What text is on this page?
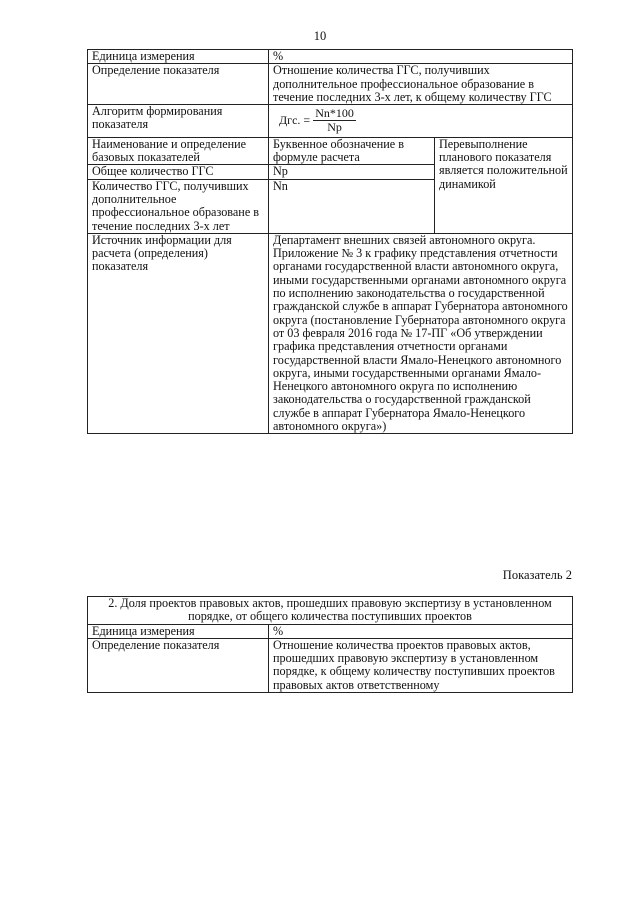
10
Единица измерения	%	
Определение показателя	Отношение количества ГГС, получивших дополнительное профессиональное образование в течение последних 3-х лет, к общему количеству ГГС	
Алгоритм формирования показателя	Дгс. = $\frac{Nn*100}{Np}$

Наименование и определение базовых показателей	Буквенное обозначение в формуле расчета	Перевыполнение планового показателя является положительной динамикой
Общее количество ГГС	Np	
Количество ГГС, получивших дополнительное профессиональное образоване в течение последних 3-х лет	Nn	
Источник информации для расчета (определения) показателя	Департамент внешних связей автономного округа. Приложение № 3 к графику представления отчетности органами государственной власти автономного округа, иными государственными органами автономного округа по исполнению законодательства о государственной гражданской службе в аппарат Губернатора автономного округа (постановление Губернатора автономного округа от 03 февраля 2016 года № 17-ПГ «Об утверждении графика представления отчетности органами государственной власти Ямало-Ненецкого автономного округа, иными государственными органами Ямало-Ненецкого автономного округа по исполнению законодательства о государственной гражданской службе в аппарат Губернатора Ямало-Ненецкого автономного округа»)	
Показатель 2
2. Доля проектов правовых актов, прошедших правовую экспертизу в установленном порядке, от общего количества поступивших проектов	
Единица измерения	%
Определение показателя	Отношение количества проектов правовых актов, прошедших правовую экспертизу в установленном порядке, к общему количеству поступивших проектов правовых актов ответственному
